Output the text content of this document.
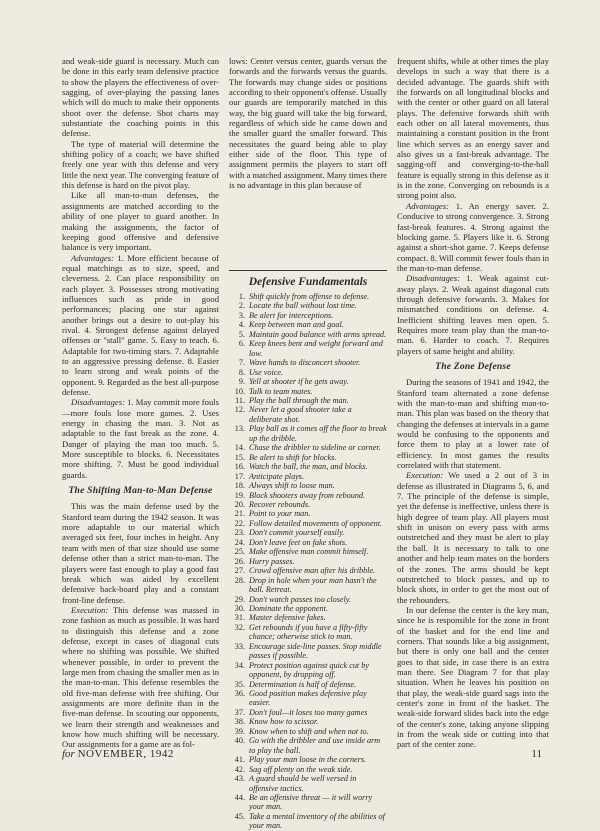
and weak-side guard is necessary. Much can be done in this early team defensive practice to show the players the effectiveness of over-sagging, of over-playing the passing lanes which will do much to make their opponents shoot over the defense. Shot charts may substantiate the coaching points in this defense.

The type of material will determine the shifting policy of a coach; we have shifted freely one year with this defense and very little the next year. The converging feature of this defense is hard on the pivot play.

Like all man-to-man defenses, the assignments are matched according to the ability of one player to guard another. In making the assignments, the factor of keeping good offensive and defensive balance is very important.

Advantages: 1. More efficient because of equal matchings as to size, speed, and cleverness. 2. Can place responsibility on each player. 3. Possesses strong motivating influences such as pride in good performances; placing one star against another brings out a desire to out-play his rival. 4. Strongest defense against delayed offenses or "stall" game. 5. Easy to teach. 6. Adaptable for two-timing stars. 7. Adaptable to an aggressive pressing defense. 8. Easier to learn strong and weak points of the opponent. 9. Regarded as the best all-purpose defense.

Disadvantages: 1. May commit more fouls—more fouls lose more games. 2. Uses energy in chasing the man. 3. Not as adaptable to the fast break as the zone. 4. Danger of playing the man too much. 5. More susceptible to blocks. 6. Necessitates more shifting. 7. Must be good individual guards.

The Shifting Man-to-Man Defense

This was the main defense used by the Stanford team during the 1942 season. It was more adaptable to our material which averaged six feet, four inches in height. Any team with men of that size should use some defense other than a strict man-to-man. The players were fast enough to play a good fast break which was aided by excellent defensive back-board play and a constant front-line defense.

Execution: This defense was massed in zone fashion as much as possible. It was hard to distinguish this defense and a zone defense, except in cases of diagonal cuts where no shifting was possible. We shifted whenever possible, in order to prevent the large men from chasing the smaller men as in the man-to-man. This defense resembles the old five-man defense with free shifting. Our assignments are more definite than in the five-man defense. In scouting our opponents, we learn their strength and weaknesses and know how much shifting will be necessary. Our assignments for a game are as fol-

lows: Center versus center, guards versus the forwards and the forwards versus the guards. The forwards may change sides or positions according to their opponent's offense. Usually our guards are temporarily matched in this way, the big guard will take the big forward, regardless of which side he came down and the smaller guard the smaller forward. This necessitates the guard being able to play either side of the floor. This type of assignment permits the players to start off with a matched assignment. Many times there is no advantage in this plan because of

Defensive Fundamentals
1. Shift quickly from offense to defense.
2. Locate the ball without lost time.
3. Be alert for interceptions.
4. Keep between man and goal.
5. Maintain good balance with arms spread.
6. Keep knees bent and weight forward and low.
7. Wave hands to disconcert shooter.
8. Use voice.
9. Yell at shooter if he gets away.
10. Talk to team mates.
11. Play the ball through the man.
12. Never let a good shooter take a deliberate shot.
13. Play ball as it comes off the floor to break up the dribble.
14. Chase the dribbler to sideline or corner.
15. Be alert to shift for blocks.
16. Watch the ball, the man, and blocks.
17. Anticipate plays.
18. Always shift to loose man.
19. Block shooters away from rebound.
20. Recover rebounds.
21. Point to your man.
22. Follow detailed movements of opponent.
23. Don't commit yourself easily.
24. Don't leave feet on fake shots.
25. Make offensive man commit himself.
26. Hurry passes.
27. Crowd offensive man after his dribble.
28. Drop in hole when your man hasn't the ball. Retreat.
29. Don't watch passes too closely.
30. Dominate the opponent.
31. Master defensive fakes.
32. Get rebounds if you have a fifty-fifty chance; otherwise stick to man.
33. Encourage side-line passes. Stop middle passes if possible.
34. Protect position against quick cut by opponent, by dropping off.
35. Determination is half of defense.
36. Good position makes defensive play easier.
37. Don't foul—it loses too many games
38. Know how to scissor.
39. Know when to shift and when not to.
40. Go with the dribbler and use inside arm to play the ball.
41. Play your man loose in the corners.
42. Sag off plenty on the weak side.
43. A guard should be well versed in offensive tactics.
44. Be an offensive threat — it will worry your man.
45. Take a mental inventory of the abilities of your man.

frequent shifts, while at other times the play develops in such a way that there is a decided advantage. The guards shift with the forwards on all longitudinal blocks and with the center or other guard on all lateral plays. The defensive forwards shift with each other on all lateral movements, thus maintaining a constant position in the front line which serves as an energy saver and also gives us a fast-break advantage. The sagging-off and converging-to-the-ball feature is equally strong in this defense as it is in the zone. Converging on rebounds is a strong point also.

Advantages: 1. An energy saver. 2. Conducive to strong convergence. 3. Strong fast-break features. 4. Strong against the blocking game. 5. Players like it. 6. Strong against a short-shot game. 7. Keeps defense compact. 8. Will commit fewer fouls than in the man-to-man defense.

Disadvantages: 1. Weak against cut-away plays. 2. Weak against diagonal cuts through defensive forwards. 3. Makes for mismatched conditions on defense. 4. Inefficient shifting leaves men open. 5. Requires more team play than the man-to-man. 6. Harder to coach. 7. Requires players of same height and ability.

The Zone Defense

During the seasons of 1941 and 1942, the Stanford team alternated a zone defense with the man-to-man and shifting man-to-man. This plan was based on the theory that changing the defenses at intervals in a game would be confusing to the opponents and force them to play at a lower rate of efficiency. In most games the results correlated with that statement.

Execution: We used a 2 out of 3 in defense as illustrated in Diagrams 5, 6, and 7. The principle of the defense is simple, yet the defense is ineffective, unless there is high degree of team play. All players must shift in unison on every pass with arms outstretched and they must be alert to play the ball. It is necessary to talk to one another and help team mates on the borders of the zones. The arms should be kept outstretched to block passes, and up to block shots, in order to get the most out of the rebounders.

In our defense the center is the key man, since he is responsible for the zone in front of the basket and for the end line and corners. That sounds like a big assignment, but there is only one ball and the center goes to that side, in case there is an extra man there. See Diagram 7 for that play situation. When he leaves his position on that play, the weak-side guard sags into the center's zone in front of the basket. The weak-side forward slides back into the edge of the center's zone, taking anyone slipping in from the weak side or cutting into that part of the center zone.

for NOVEMBER, 1942	11
